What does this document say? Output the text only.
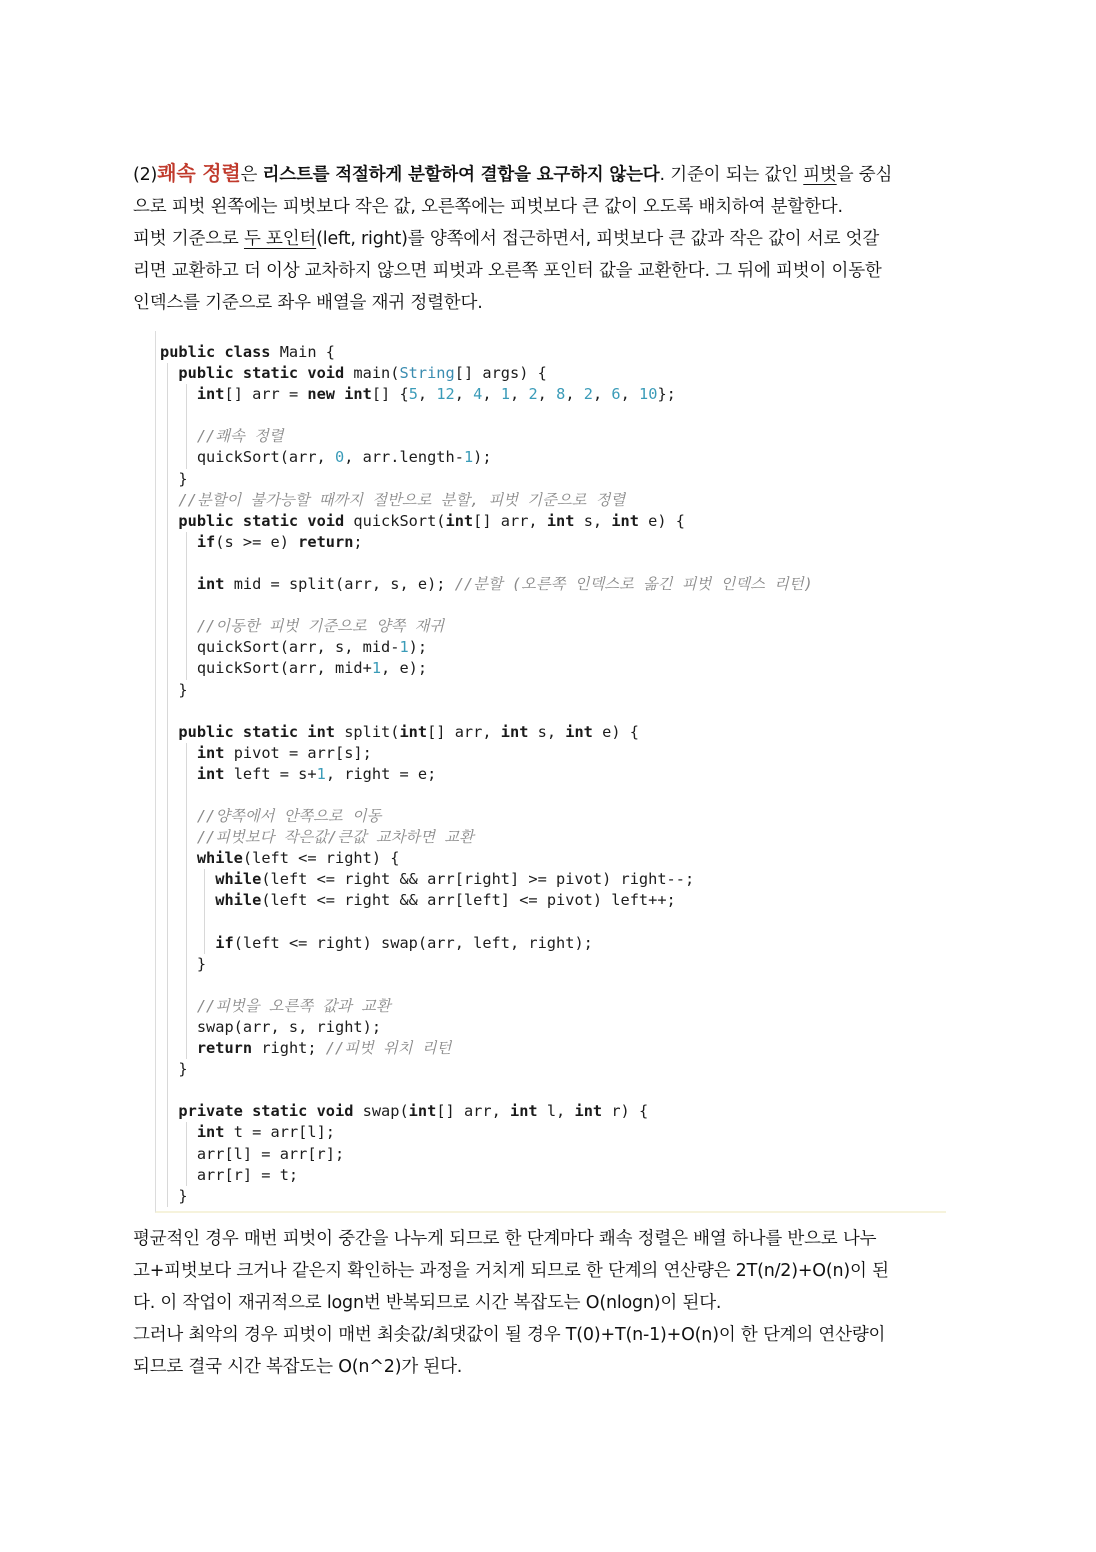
(2)쾌속 정렬은 리스트를 적절하게 분할하여 결합을 요구하지 않는다. 기준이 되는 값인 피벗을 중심

으로 피벗 왼쪽에는 피벗보다 작은 값, 오른쪽에는 피벗보다 큰 값이 오도록 배치하여 분할한다.

피벗 기준으로 두 포인터(left, right)를 양쪽에서 접근하면서, 피벗보다 큰 값과 작은 값이 서로 엇갈

리면 교환하고 더 이상 교차하지 않으면 피벗과 오른쪽 포인터 값을 교환한다. 그 뒤에 피벗이 이동한

인덱스를 기준으로 좌우 배열을 재귀 정렬한다.

public class Main {
public static void main(String[] args) {
int[] arr = new int[] {5, 12, 4, 1, 2, 8, 2, 6, 10};
//쾌속 정렬
quickSort(arr, 0, arr.length-1);
}
//분할이 불가능할 때까지 절반으로 분할, 피벗 기준으로 정렬
public static void quickSort(int[] arr, int s, int e) {
if(s >= e) return;
int mid = split(arr, s, e); //분할 (오른쪽 인덱스로 옮긴 피벗 인덱스 리턴)
//이동한 피벗 기준으로 양쪽 재귀
quickSort(arr, s, mid-1);
quickSort(arr, mid+1, e);
}
public static int split(int[] arr, int s, int e) {
int pivot = arr[s];
int left = s+1, right = e;
//양쪽에서 안쪽으로 이동
//피벗보다 작은값/큰값 교차하면 교환
while(left <= right) {
while(left <= right && arr[right] >= pivot) right--;
while(left <= right && arr[left] <= pivot) left++;
if(left <= right) swap(arr, left, right);
}
//피벗을 오른쪽 값과 교환
swap(arr, s, right);
return right; //피벗 위치 리턴
}
private static void swap(int[] arr, int l, int r) {
int t = arr[l];
arr[l] = arr[r];
arr[r] = t;
}

평균적인 경우 매번 피벗이 중간을 나누게 되므로 한 단계마다 쾌속 정렬은 배열 하나를 반으로 나누

고+피벗보다 크거나 같은지 확인하는 과정을 거치게 되므로 한 단계의 연산량은 2T(n/2)+O(n)이 된

다. 이 작업이 재귀적으로 logn번 반복되므로 시간 복잡도는 O(nlogn)이 된다.

그러나 최악의 경우 피벗이 매번 최솟값/최댓값이 될 경우 T(0)+T(n-1)+O(n)이 한 단계의 연산량이

되므로 결국 시간 복잡도는 O(n^2)가 된다.
